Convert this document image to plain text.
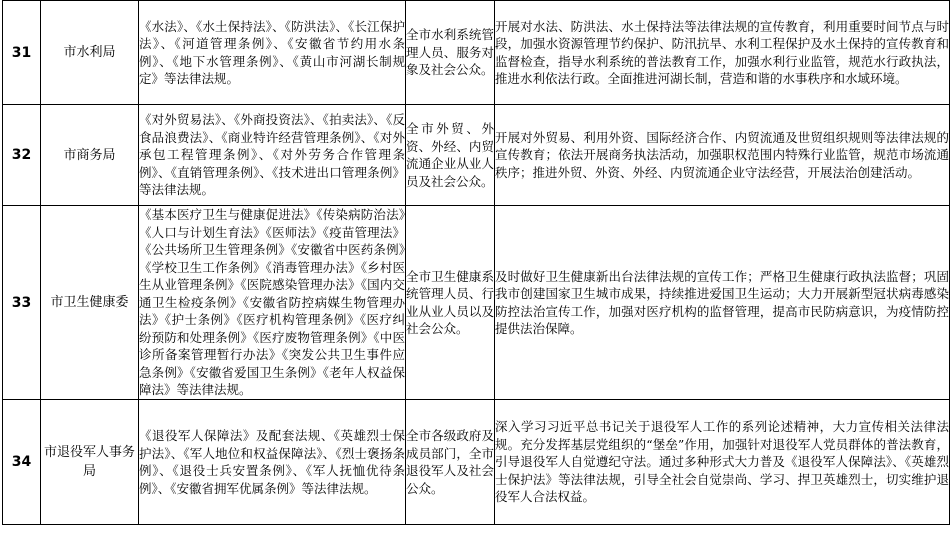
31	市水利局	《水法》、《水土保持法》、《防洪法》、《长江保护法》、《河道管理条例》、《安徽省节约用水条例》、《地下水管理条例》、《黄山市河湖长制规定》等法律法规。	全市水利系统管理人员、服务对象及社会公众。	开展对水法、防洪法、水土保持法等法律法规的宣传教育，利用重要时间节点与时段，加强水资源管理节约保护、防汛抗旱、水利工程保护及水土保持的宣传教育和监督检查，指导水利系统的普法教育工作，加强水利行业监管，规范水行政执法，推进水利依法行政。全面推进河湖长制，营造和谐的水事秩序和水域环境。
32	市商务局	《对外贸易法》、《外商投资法》、《拍卖法》、《反食品浪费法》、《商业特许经营管理条例》、《对外承包工程管理条例》、《对外劳务合作管理条例》、《直销管理条例》、《技术进出口管理条例》等法律法规。	全市外贸、外资、外经、内贸流通企业从业人员及社会公众。	开展对外贸易、利用外资、国际经济合作、内贸流通及世贸组织规则等法律法规的宣传教育；依法开展商务执法活动，加强职权范围内特殊行业监管，规范市场流通秩序；推进外贸、外资、外经、内贸流通企业守法经营，开展法治创建活动。
33	市卫生健康委	《基本医疗卫生与健康促进法》《传染病防治法》《人口与计划生育法》《医师法》《疫苗管理法》《公共场所卫生管理条例》《安徽省中医药条例》《学校卫生工作条例》《消毒管理办法》《乡村医生从业管理条例》《医院感染管理办法》《国内交通卫生检疫条例》《安徽省防控病媒生物管理办法》《护士条例》《医疗机构管理条例》《医疗纠纷预防和处理条例》《医疗废物管理条例》《中医诊所备案管理暂行办法》《突发公共卫生事件应急条例》《安徽省爱国卫生条例》《老年人权益保障法》等法律法规。	全市卫生健康系统管理人员、行业从业人员以及社会公众。	及时做好卫生健康新出台法律法规的宣传工作；严格卫生健康行政执法监督；巩固我市创建国家卫生城市成果，持续推进爱国卫生运动；大力开展新型冠状病毒感染防控法治宣传工作，加强对医疗机构的监督管理，提高市民防病意识，为疫情防控提供法治保障。
34	市退役军人事务局	《退役军人保障法》及配套法规、《英雄烈士保护法》、《军人地位和权益保障法》、《烈士褒扬条例》、《退役士兵安置条例》、《军人抚恤优待条例》、《安徽省拥军优属条例》等法律法规。	全市各级政府及成员部门，全市退役军人及社会公众。	深入学习习近平总书记关于退役军人工作的系列论述精神，大力宣传相关法律法规。充分发挥基层党组织的“堡垒”作用，加强针对退役军人党员群体的普法教育，引导退役军人自觉遵纪守法。通过多种形式大力普及《退役军人保障法》、《英雄烈士保护法》等法律法规，引导全社会自觉崇尚、学习、捍卫英雄烈士，切实维护退役军人合法权益。
